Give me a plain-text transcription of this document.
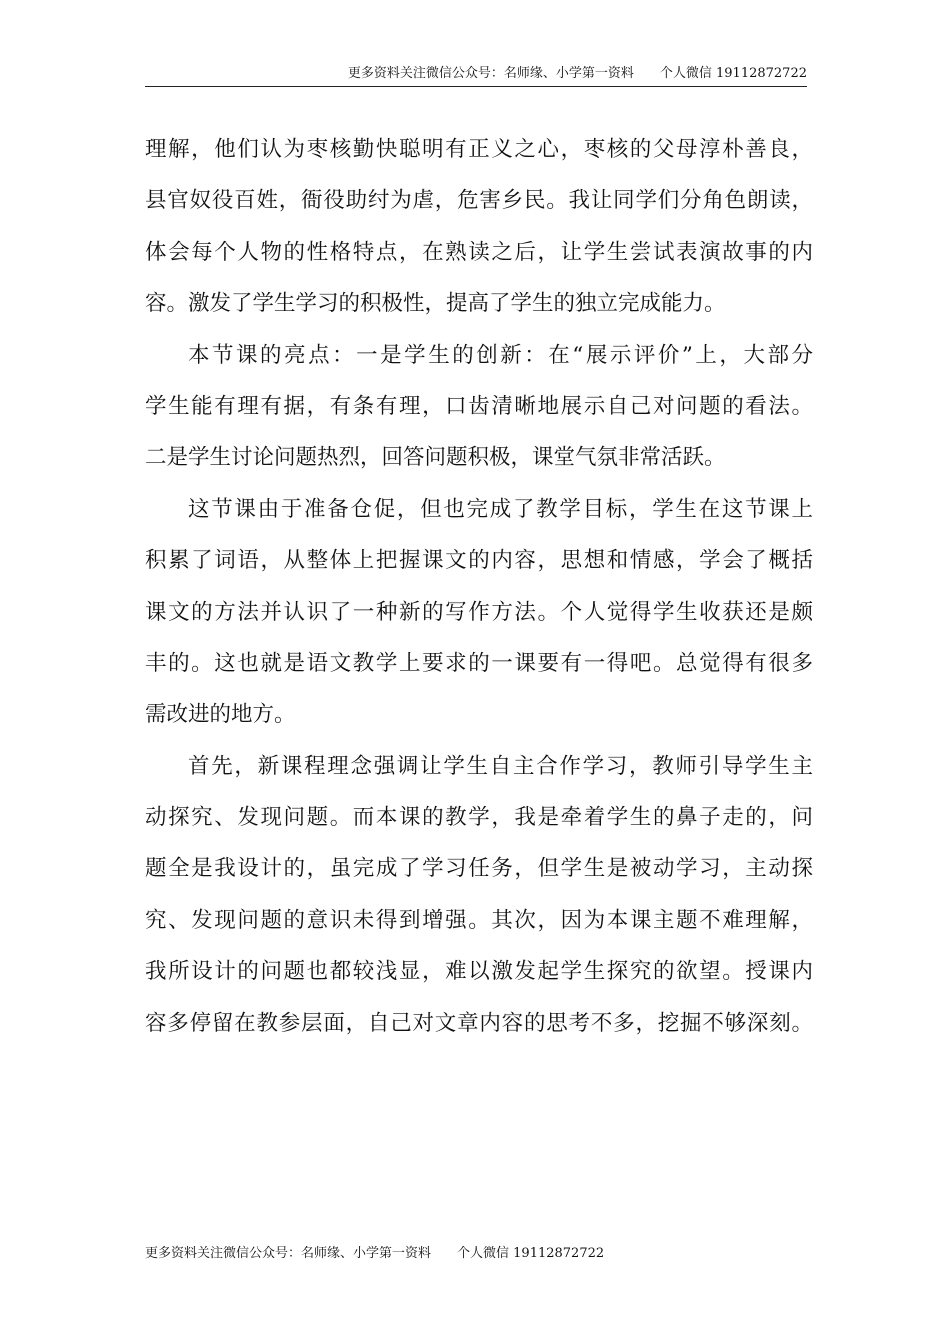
更多资料关注微信公众号：名师缘、小学第一资料 个人微信 19112872722
理解，他们认为枣核勤快聪明有正义之心，枣核的父母淳朴善良，
县官奴役百姓，衙役助纣为虐，危害乡民。我让同学们分角色朗读，
体会每个人物的性格特点，在熟读之后，让学生尝试表演故事的内
容。激发了学生学习的积极性，提高了学生的独立完成能力。
本节课的亮点：一是学生的创新：在“展示评价”上，大部分
学生能有理有据，有条有理，口齿清晰地展示自己对问题的看法。
二是学生讨论问题热烈，回答问题积极，课堂气氛非常活跃。
这节课由于准备仓促，但也完成了教学目标，学生在这节课上
积累了词语，从整体上把握课文的内容，思想和情感，学会了概括
课文的方法并认识了一种新的写作方法。个人觉得学生收获还是颇
丰的。这也就是语文教学上要求的一课要有一得吧。总觉得有很多
需改进的地方。
首先，新课程理念强调让学生自主合作学习，教师引导学生主
动探究、发现问题。而本课的教学，我是牵着学生的鼻子走的，问
题全是我设计的，虽完成了学习任务，但学生是被动学习，主动探
究、发现问题的意识未得到增强。其次，因为本课主题不难理解，
我所设计的问题也都较浅显，难以激发起学生探究的欲望。授课内
容多停留在教参层面，自己对文章内容的思考不多，挖掘不够深刻。
更多资料关注微信公众号：名师缘、小学第一资料 个人微信 19112872722
